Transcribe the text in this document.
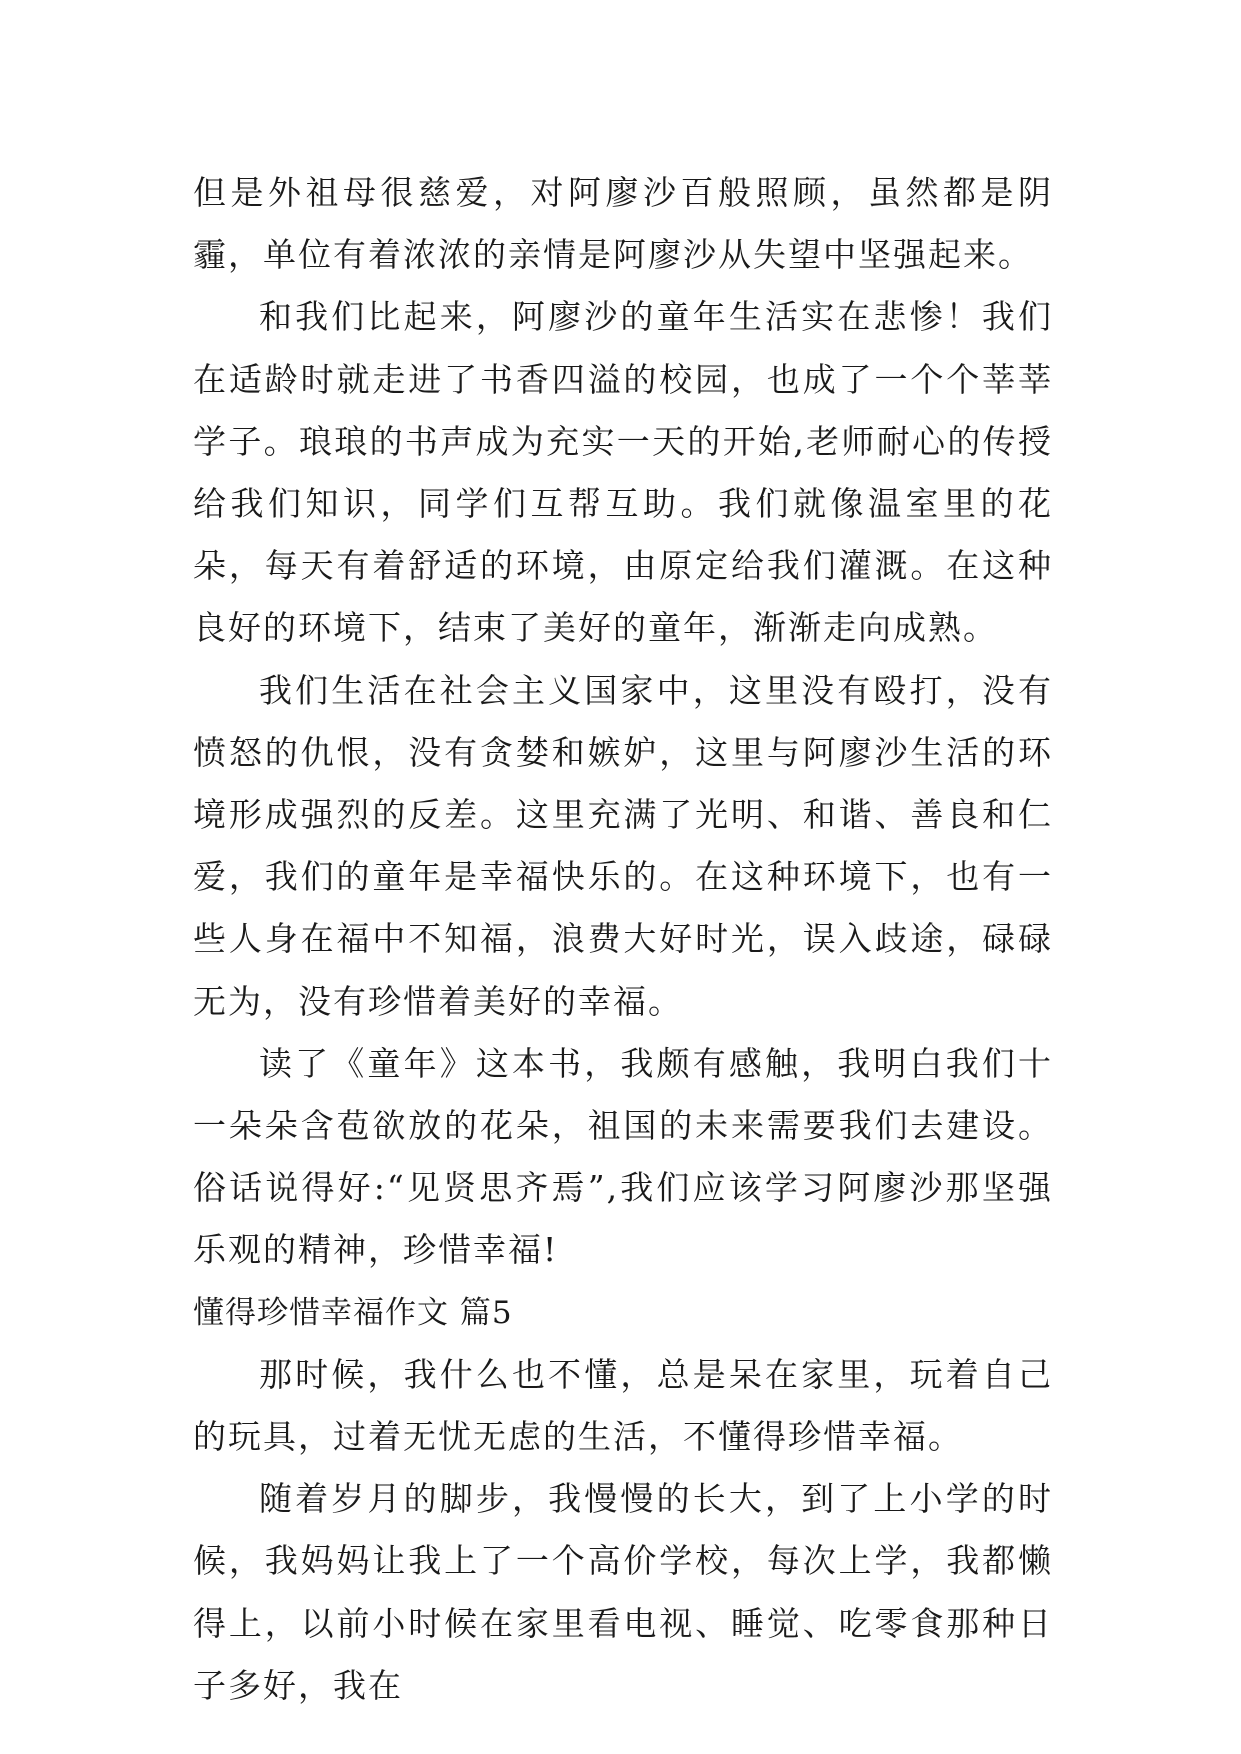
但是外祖母很慈爱，对阿廖沙百般照顾，虽然都是阴霾，单位有着浓浓的亲情是阿廖沙从失望中坚强起来。

和我们比起来，阿廖沙的童年生活实在悲惨！我们在适龄时就走进了书香四溢的校园，也成了一个个莘莘学子。琅琅的书声成为充实一天的开始,老师耐心的传授给我们知识，同学们互帮互助。我们就像温室里的花朵，每天有着舒适的环境，由原定给我们灌溉。在这种良好的环境下，结束了美好的童年，渐渐走向成熟。

我们生活在社会主义国家中，这里没有殴打，没有愤怒的仇恨，没有贪婪和嫉妒，这里与阿廖沙生活的环境形成强烈的反差。这里充满了光明、和谐、善良和仁爱，我们的童年是幸福快乐的。在这种环境下，也有一些人身在福中不知福，浪费大好时光，误入歧途，碌碌无为，没有珍惜着美好的幸福。

读了《童年》这本书，我颇有感触，我明白我们十一朵朵含苞欲放的花朵，祖国的未来需要我们去建设。俗话说得好:“见贤思齐焉”,我们应该学习阿廖沙那坚强乐观的精神，珍惜幸福!

懂得珍惜幸福作文 篇5

那时候，我什么也不懂，总是呆在家里，玩着自己的玩具，过着无忧无虑的生活，不懂得珍惜幸福。

随着岁月的脚步，我慢慢的长大，到了上小学的时候，我妈妈让我上了一个高价学校，每次上学，我都懒得上，以前小时候在家里看电视、睡觉、吃零食那种日子多好，我在
